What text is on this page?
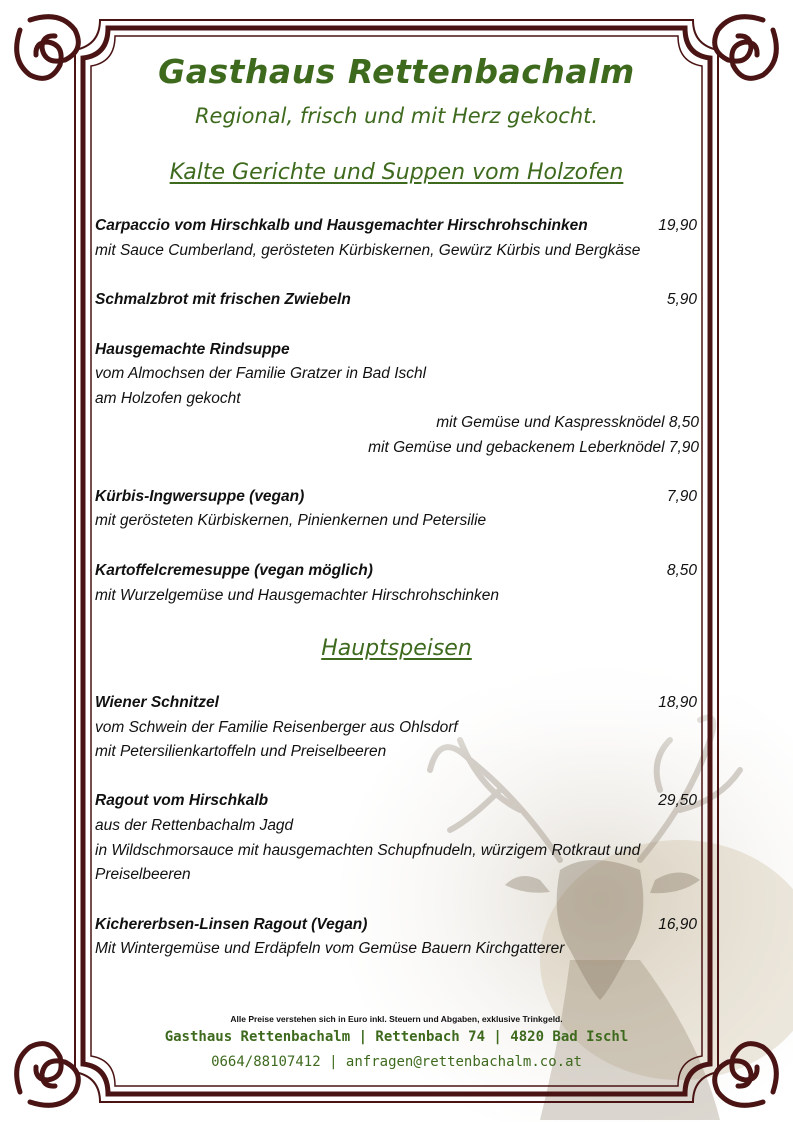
Gasthaus Rettenbachalm
Regional, frisch und mit Herz gekocht.
Kalte Gerichte und Suppen vom Holzofen
Carpaccio vom Hirschkalb und Hausgemachter Hirschrohschinken	19,90
mit Sauce Cumberland, gerösteten Kürbiskernen, Gewürz Kürbis und Bergkäse
Schmalzbrot mit frischen Zwiebeln	5,90
Hausgemachte Rindsuppe
vom Almochsen der Familie Gratzer in Bad Ischl
am Holzofen gekocht
mit Gemüse und Kaspressknödel 8,50
mit Gemüse und gebackenem Leberknödel 7,90
Kürbis-Ingwersuppe (vegan)	7,90
mit gerösteten Kürbiskernen, Pinienkernen und Petersilie
Kartoffelcremesuppe (vegan möglich)	8,50
mit Wurzelgemüse und Hausgemachter Hirschrohschinken
Hauptspeisen
Wiener Schnitzel	18,90
vom Schwein der Familie Reisenberger aus Ohlsdorf
mit Petersilienkartoffeln und Preiselbeeren
Ragout vom Hirschkalb	29,50
aus der Rettenbachalm Jagd
in Wildschmorsauce mit hausgemachten Schupfnudeln, würzigem Rotkraut und
Preiselbeeren
Kichererbsen-Linsen Ragout (Vegan)	16,90
Mit Wintergemüse und Erdäpfeln vom Gemüse Bauern Kirchgatterer
Alle Preise verstehen sich in Euro inkl. Steuern und Abgaben, exklusive Trinkgeld.
Gasthaus Rettenbachalm | Rettenbach 74 | 4820 Bad Ischl
0664/88107412 | anfragen@rettenbachalm.co.at
